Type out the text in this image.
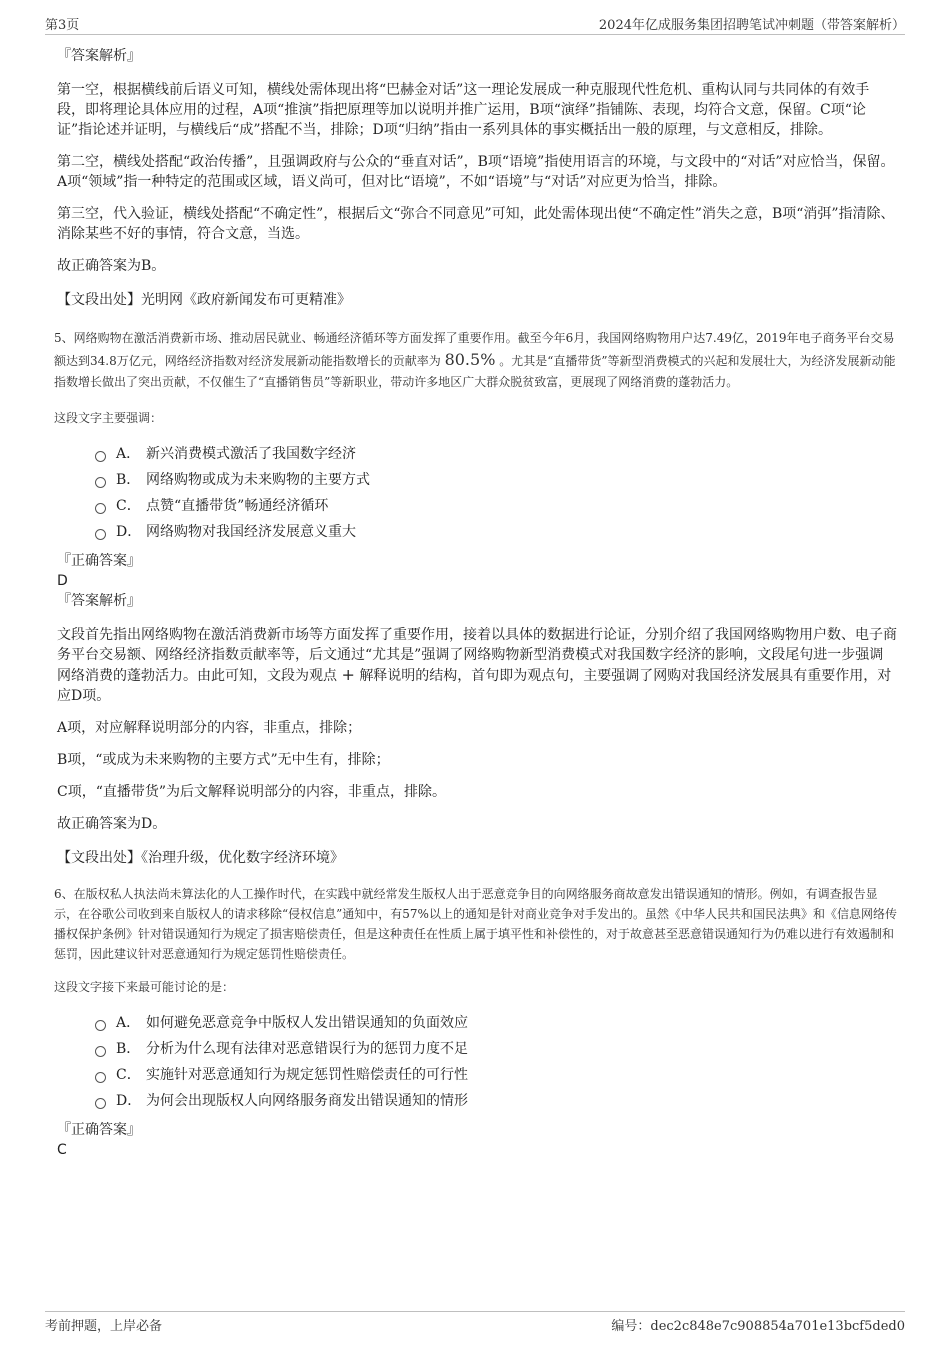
第3页	2024年亿成服务集团招聘笔试冲刺题（带答案解析）

『答案解析』

第一空，根据横线前后语义可知，横线处需体现出将“巴赫金对话”这一理论发展成一种克服现代性危机、重构认同与共同体的有效手段，即将理论具体应用的过程，A项“推演”指把原理等加以说明并推广运用，B项“演绎”指铺陈、表现，均符合文意，保留。C项“论证”指论述并证明，与横线后“成”搭配不当，排除；D项“归纳”指由一系列具体的事实概括出一般的原理，与文意相反，排除。

第二空，横线处搭配“政治传播”，且强调政府与公众的“垂直对话”，B项“语境”指使用语言的环境，与文段中的“对话”对应恰当，保留。A项“领域”指一种特定的范围或区域，语义尚可，但对比“语境”，不如“语境”与“对话”对应更为恰当，排除。

第三空，代入验证，横线处搭配“不确定性”，根据后文“弥合不同意见”可知，此处需体现出使“不确定性”消失之意，B项“消弭”指清除、消除某些不好的事情，符合文意，当选。

故正确答案为B。

【文段出处】光明网《政府新闻发布可更精准》

5、网络购物在激活消费新市场、推动居民就业、畅通经济循环等方面发挥了重要作用。截至今年6月，我国网络购物用户达7.49亿，2019年电子商务平台交易额达到34.8万亿元，网络经济指数对经济发展新动能指数增长的贡献率为 80.5% 。尤其是“直播带货”等新型消费模式的兴起和发展壮大，为经济发展新动能指数增长做出了突出贡献，不仅催生了“直播销售员”等新职业，带动许多地区广大群众脱贫致富，更展现了网络消费的蓬勃活力。

这段文字主要强调：

A． 新兴消费模式激活了我国数字经济
B． 网络购物或成为未来购物的主要方式
C． 点赞“直播带货”畅通经济循环
D． 网络购物对我国经济发展意义重大

『正确答案』

D

『答案解析』

文段首先指出网络购物在激活消费新市场等方面发挥了重要作用，接着以具体的数据进行论证，分别介绍了我国网络购物用户数、电子商务平台交易额、网络经济指数贡献率等，后文通过“尤其是”强调了网络购物新型消费模式对我国数字经济的影响，文段尾句进一步强调网络消费的蓬勃活力。由此可知，文段为观点 + 解释说明的结构，首句即为观点句，主要强调了网购对我国经济发展具有重要作用，对应D项。

A项，对应解释说明部分的内容，非重点，排除；

B项，“或成为未来购物的主要方式”无中生有，排除；

C项，“直播带货”为后文解释说明部分的内容，非重点，排除。

故正确答案为D。

【文段出处】《治理升级，优化数字经济环境》

6、在版权私人执法尚未算法化的人工操作时代，在实践中就经常发生版权人出于恶意竞争目的向网络服务商故意发出错误通知的情形。例如，有调查报告显示，在谷歌公司收到来自版权人的请求移除“侵权信息”通知中，有57%以上的通知是针对商业竞争对手发出的。虽然《中华人民共和国民法典》和《信息网络传播权保护条例》针对错误通知行为规定了损害赔偿责任，但是这种责任在性质上属于填平性和补偿性的，对于故意甚至恶意错误通知行为仍难以进行有效遏制和惩罚，因此建议针对恶意通知行为规定惩罚性赔偿责任。

这段文字接下来最可能讨论的是：

A． 如何避免恶意竞争中版权人发出错误通知的负面效应
B． 分析为什么现有法律对恶意错误行为的惩罚力度不足
C． 实施针对恶意通知行为规定惩罚性赔偿责任的可行性
D． 为何会出现版权人向网络服务商发出错误通知的情形

『正确答案』

C

考前押题，上岸必备	编号：dec2c848e7c908854a701e13bcf5ded0
